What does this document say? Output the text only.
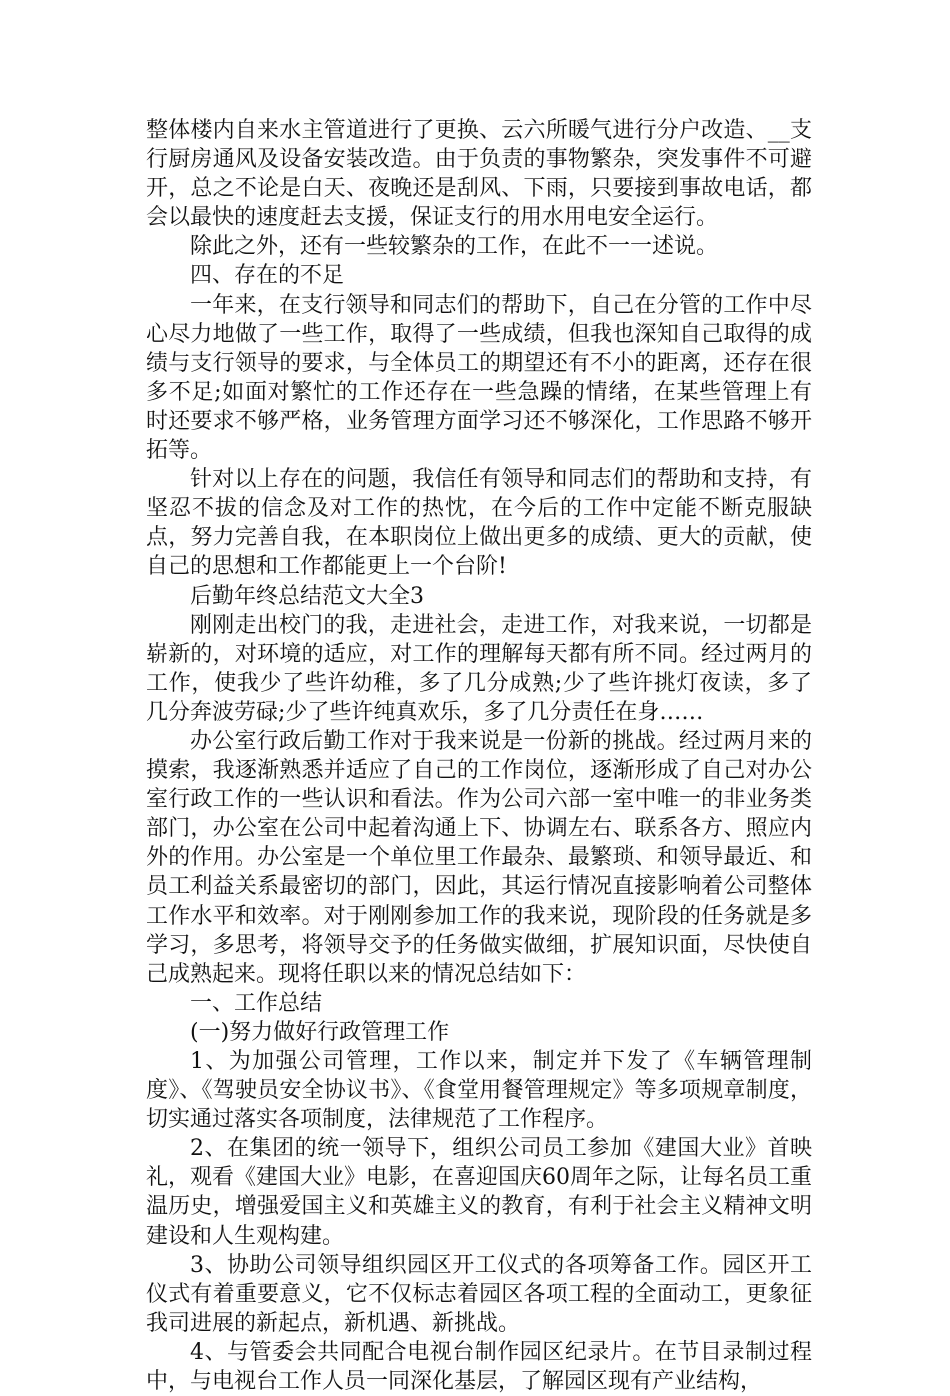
整体楼内自来水主管道进行了更换、云六所暖气进行分户改造、__支行厨房通风及设备安装改造。由于负责的事物繁杂，突发事件不可避开，总之不论是白天、夜晚还是刮风、下雨，只要接到事故电话，都会以最快的速度赶去支援，保证支行的用水用电安全运行。

除此之外，还有一些较繁杂的工作，在此不一一述说。

四、存在的不足

一年来，在支行领导和同志们的帮助下，自己在分管的工作中尽心尽力地做了一些工作，取得了一些成绩，但我也深知自己取得的成绩与支行领导的要求，与全体员工的期望还有不小的距离，还存在很多不足;如面对繁忙的工作还存在一些急躁的情绪，在某些管理上有时还要求不够严格，业务管理方面学习还不够深化，工作思路不够开拓等。

针对以上存在的问题，我信任有领导和同志们的帮助和支持，有坚忍不拔的信念及对工作的热忱，在今后的工作中定能不断克服缺点，努力完善自我，在本职岗位上做出更多的成绩、更大的贡献，使自己的思想和工作都能更上一个台阶!

后勤年终总结范文大全3

刚刚走出校门的我，走进社会，走进工作，对我来说，一切都是崭新的，对环境的适应，对工作的理解每天都有所不同。经过两月的工作，使我少了些许幼稚，多了几分成熟;少了些许挑灯夜读，多了几分奔波劳碌;少了些许纯真欢乐，多了几分责任在身……

办公室行政后勤工作对于我来说是一份新的挑战。经过两月来的摸索，我逐渐熟悉并适应了自己的工作岗位，逐渐形成了自己对办公室行政工作的一些认识和看法。作为公司六部一室中唯一的非业务类部门，办公室在公司中起着沟通上下、协调左右、联系各方、照应内外的作用。办公室是一个单位里工作最杂、最繁琐、和领导最近、和员工利益关系最密切的部门，因此，其运行情况直接影响着公司整体工作水平和效率。对于刚刚参加工作的我来说，现阶段的任务就是多学习，多思考，将领导交予的任务做实做细，扩展知识面，尽快使自己成熟起来。现将任职以来的情况总结如下：

一、工作总结

(一)努力做好行政管理工作

1、为加强公司管理，工作以来，制定并下发了《车辆管理制度》、《驾驶员安全协议书》、《食堂用餐管理规定》等多项规章制度，切实通过落实各项制度，法律规范了工作程序。

2、在集团的统一领导下，组织公司员工参加《建国大业》首映礼，观看《建国大业》电影，在喜迎国庆60周年之际，让每名员工重温历史，增强爱国主义和英雄主义的教育，有利于社会主义精神文明建设和人生观构建。

3、协助公司领导组织园区开工仪式的各项筹备工作。园区开工仪式有着重要意义，它不仅标志着园区各项工程的全面动工，更象征我司进展的新起点，新机遇、新挑战。

4、与管委会共同配合电视台制作园区纪录片。在节目录制过程中，与电视台工作人员一同深化基层，了解园区现有产业结构，
